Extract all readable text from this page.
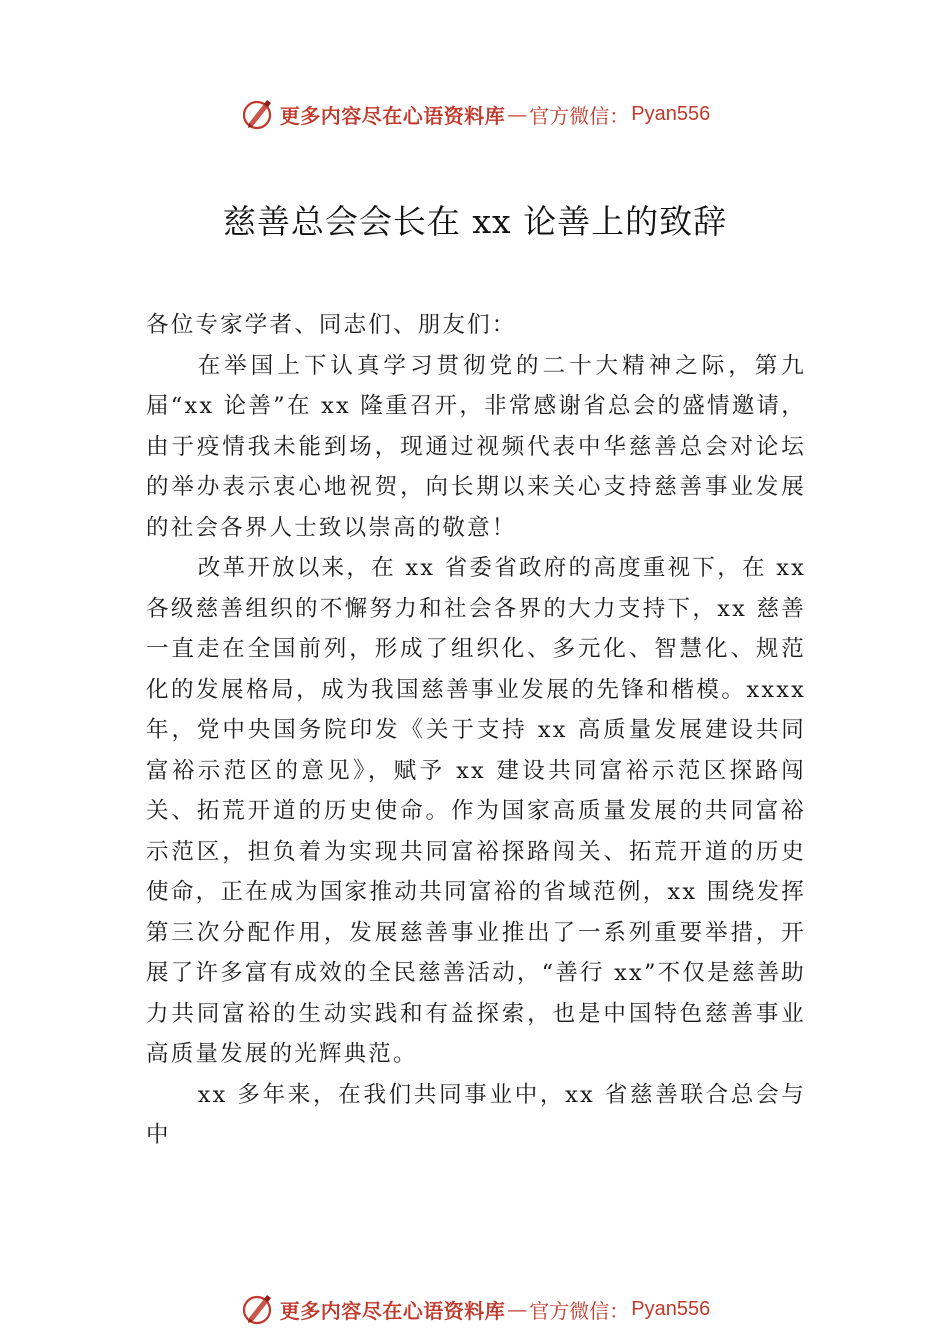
更多内容尽在心语资料库 — 官方微信： Pyan556
慈善总会会长在 xx 论善上的致辞

各位专家学者、同志们、朋友们：

在举国上下认真学习贯彻党的二十大精神之际，第九届“xx 论善”在 xx 隆重召开，非常感谢省总会的盛情邀请，由于疫情我未能到场，现通过视频代表中华慈善总会对论坛的举办表示衷心地祝贺，向长期以来关心支持慈善事业发展的社会各界人士致以崇高的敬意！

改革开放以来，在 xx 省委省政府的高度重视下，在 xx 各级慈善组织的不懈努力和社会各界的大力支持下，xx 慈善一直走在全国前列，形成了组织化、多元化、智慧化、规范化的发展格局，成为我国慈善事业发展的先锋和楷模。xxxx 年，党中央国务院印发《关于支持 xx 高质量发展建设共同富裕示范区的意见》，赋予 xx 建设共同富裕示范区探路闯关、拓荒开道的历史使命。作为国家高质量发展的共同富裕示范区，担负着为实现共同富裕探路闯关、拓荒开道的历史使命，正在成为国家推动共同富裕的省域范例，xx 围绕发挥第三次分配作用，发展慈善事业推出了一系列重要举措，开展了许多富有成效的全民慈善活动，“善行 xx”不仅是慈善助力共同富裕的生动实践和有益探索，也是中国特色慈善事业高质量发展的光辉典范。

xx 多年来，在我们共同事业中，xx 省慈善联合总会与中

更多内容尽在心语资料库 — 官方微信： Pyan556
